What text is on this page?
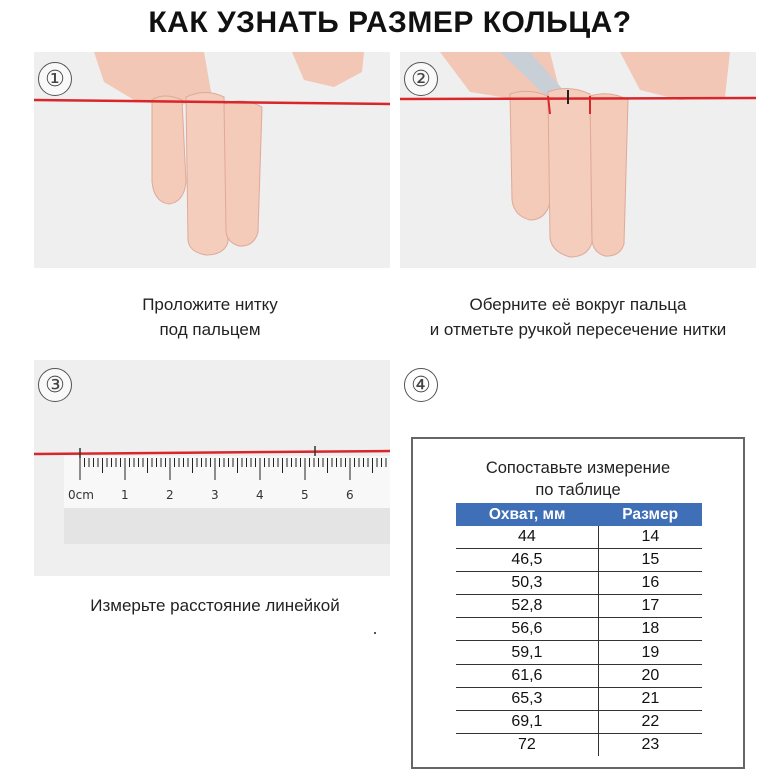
КАК УЗНАТЬ РАЗМЕР КОЛЬЦА?
①
Проложите нитку
под пальцем
②
Оберните её вокруг пальца
и отметьте ручкой пересечение нитки
③
0cm 1	2	3	4	5	6
Измерьте расстояние линейкой
④
Сопоставьте измерение
по таблице
Охват, мм	Размер
44	14
46,5	15
50,3	16
52,8	17
56,6	18
59,1	19
61,6	20
65,3	21
69,1	22
72	23
